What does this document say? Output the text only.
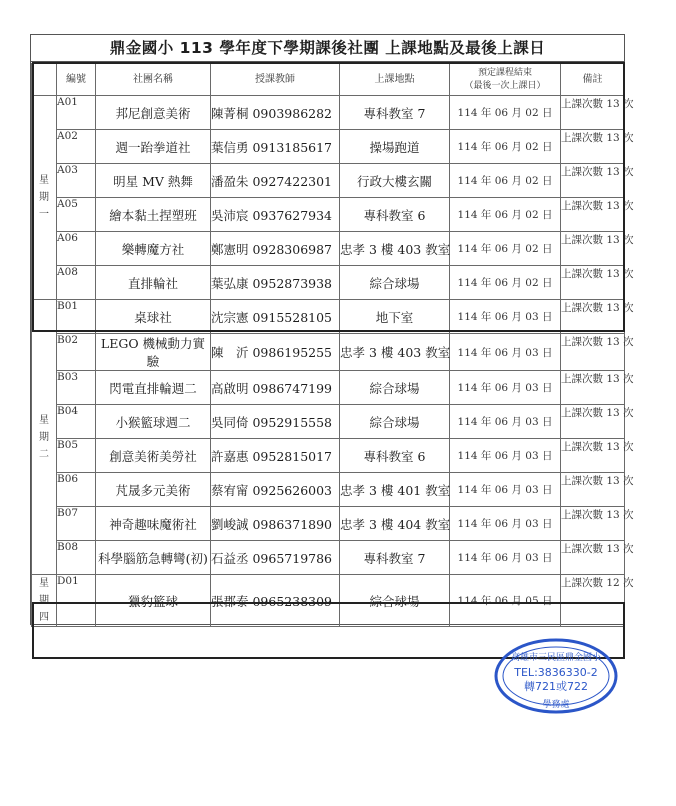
鼎金國小 113 學年度下學期課後社團 上課地點及最後上課日
	編號	社團名稱	授課教師	上課地點	預定課程結束
（最後一次上課日）	備註
星期一	A01	邦尼創意美術	陳菁桐 0903986282	專科教室 7	114 年 06 月 02 日	上課次數 13 次
	A02	週一跆拳道社	葉信勇 0913185617	操場跑道	114 年 06 月 02 日	上課次數 13 次
	A03	明星 MV 熱舞	潘盈朱 0927422301	行政大樓玄關	114 年 06 月 02 日	上課次數 13 次
	A05	繪本黏土捏塑班	吳沛宸 0937627934	專科教室 6	114 年 06 月 02 日	上課次數 13 次
	A06	樂轉魔方社	鄭憲明 0928306987	忠孝 3 樓 403 教室	114 年 06 月 02 日	上課次數 13 次
	A08	直排輪社	葉弘康 0952873938	綜合球場	114 年 06 月 02 日	上課次數 13 次
星期二	B01	桌球社	沈宗憲 0915528105	地下室	114 年 06 月 03 日	上課次數 13 次
	B02	LEGO 機械動力實驗	陳　沂 0986195255	忠孝 3 樓 403 教室	114 年 06 月 03 日	上課次數 13 次
	B03	閃電直排輪週二	高啟明 0986747199	綜合球場	114 年 06 月 03 日	上課次數 13 次
	B04	小猴籃球週二	吳同倚 0952915558	綜合球場	114 年 06 月 03 日	上課次數 13 次
	B05	創意美術美勞社	許嘉惠 0952815017	專科教室 6	114 年 06 月 03 日	上課次數 13 次
	B06	芃晟多元美術	蔡宥甯 0925626003	忠孝 3 樓 401 教室	114 年 06 月 03 日	上課次數 13 次
	B07	神奇趣味魔術社	劉峻誠 0986371890	忠孝 3 樓 404 教室	114 年 06 月 03 日	上課次數 13 次
	B08	科學腦筋急轉彎(初)	石益丞 0965719786	專科教室 7	114 年 06 月 03 日	上課次數 13 次
星期四	D01	獵豹籃球	張郡泰 0965238309	綜合球場	114 年 06 月 05 日	上課次數 12 次
高雄市三民區鼎金國小
TEL:3836330-2
轉721或722
學務處
